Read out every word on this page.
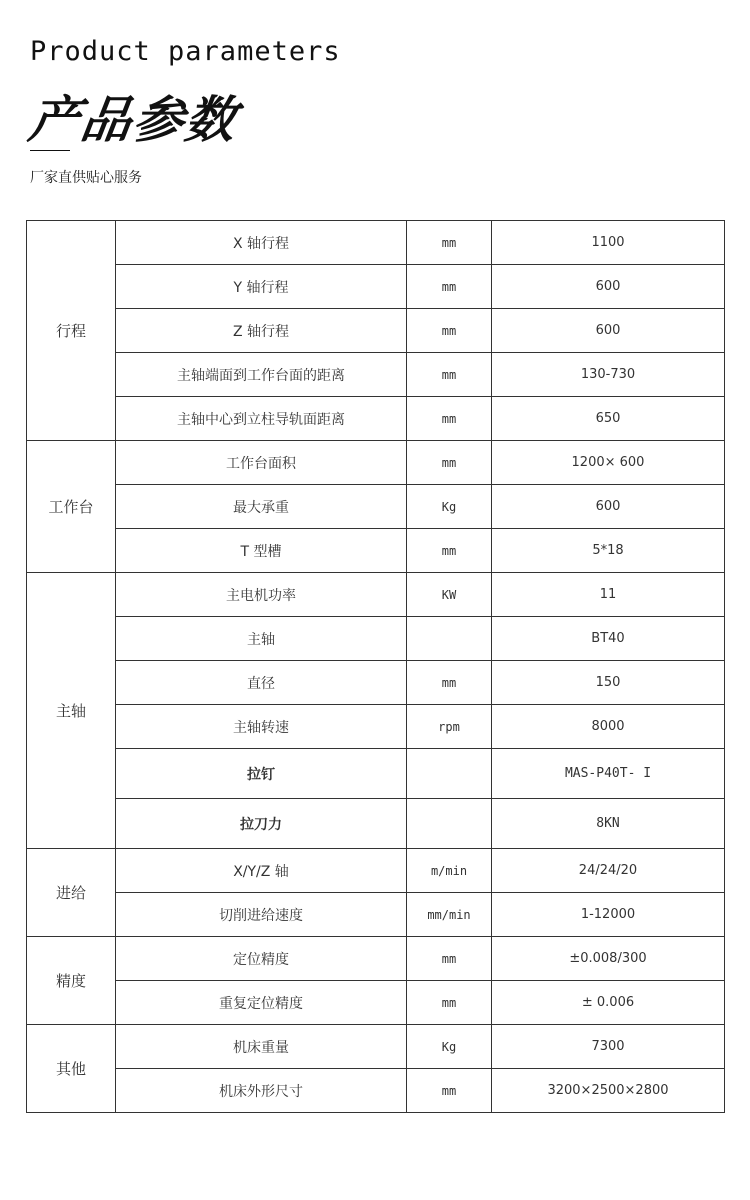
Product parameters
产品参数
厂家直供贴心服务
行程	X 轴行程	mm	1100
	Y 轴行程	mm	600
	Z 轴行程	mm	600
	主轴端面到工作台面的距离	mm	130-730
	主轴中心到立柱导轨面距离	mm	650
工作台	工作台面积	mm	1200× 600
	最大承重	Kg	600
	T 型槽	mm	5*18
主轴	主电机功率	KW	11
	主轴		BT40
	直径	mm	150
	主轴转速	rpm	8000
	拉钉		MAS-P40T- I
	拉刀力		8KN
进给	X/Y/Z 轴	m/min	24/24/20
	切削进给速度	mm/min	1-12000
精度	定位精度	mm	±0.008/300
	重复定位精度	mm	± 0.006
其他	机床重量	Kg	7300
	机床外形尺寸	mm	3200×2500×2800
